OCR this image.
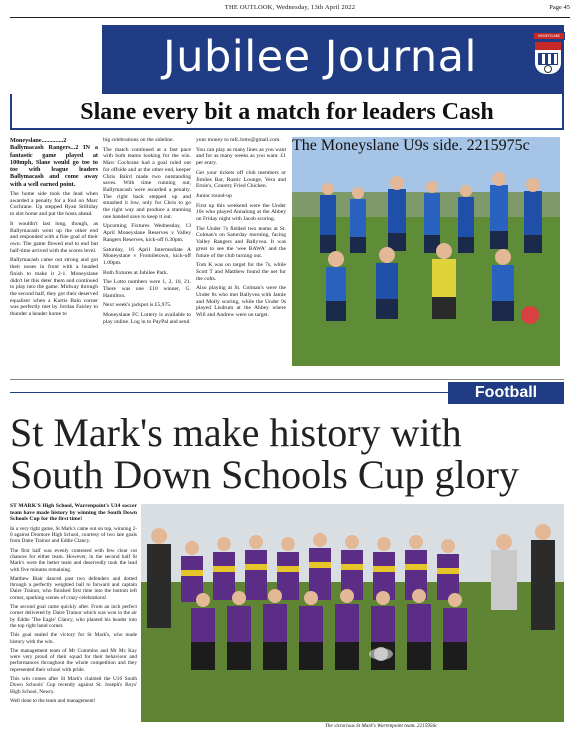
THE OUTLOOK, Wednesday, 13th April 2022	Page 45
Jubilee Journal	MONEYSLANE
Slane every bit a match for leaders Cash

Moneyslane..............2 Ballymacash Rangers...2 IN a fantastic game played at 100mph, Slane would go toe to toe with league leaders Ballymacash and come away with a well earned point.

The home side took the lead when awarded a penalty for a foul on Marc Cochrane. Up stepped Ryan Stilliday to slot home and put the hosts ahead.

It wouldn't last long, though, as Ballymacash went up the other end and responded with a fine goal of their own. The game flowed end to end but half-time arrived with the scores level.

Ballymacash came out strong and got their noses in front with a headed finish to make it 2-1. Moneyslane didn't let this deter them and continued to play into the game. Midway through the second half, they got their deserved equaliser when a Kurtis Bain corner was perfectly met by Jordan Fairley to thunder a header home to

big celebrations on the sideline.

The match continued at a fast pace with both teams looking for the win. Marc Cochrane had a goal ruled out for offside and at the other end, keeper Chris Baird made two outstanding saves. With time running out, Ballymacash were awarded a penalty. The right back stepped up and smashed it low, only for Chris to go the right way and produce a stunning one handed save to keep it out.

Upcoming Fixtures Wednesday, 13 April Moneyslane Reserves v Valley Rangers Reserves, kick-off 6.30pm.

Saturday, 16 April Intermediate A Moneyslane v Fromiletown, kick-off 1.00pm.

Both fixtures at Jubilee Park.

The Lotto numbers were 1, 2, 10, 21. There was one £10 winner, G. Hamilton.

Next week's jackpot is £5,975.

Moneyslane FC Lottery is available to play online. Log in to PayPal and send

your money to mfc.lotto@gmail.com.

You can play as many lines as you want and for as many weeks as you want. £1 per entry.

Get your tickets off club members or Jimiles Bar, Rustic Lounge, Vera and Ernie's, Country Fried Chicken.

Junior round-up

First up this weekend were the Under 10s who played Annalong at the Abbey on Friday night with Jacob scoring.

The Under 7s fielded two teams at St. Colman's on Saturday morning, facing Valley Rangers and Ballyvea. It was great to see the 'wee BAWA' and the future of the club turning out.

Tom K was on target for the 7s, while Scott T and Matthew found the net for the colts.

Also playing at St. Colman's were the Under 8s who met Ballyvea with Jamie and Molly scoring, while the Under 9s played Lisdrum at the Abbey where Will and Andrew were on target.

The Moneyslane U9s side. 2215975c
Football
St Mark's make history with
South Down Schools Cup glory

ST MARK'S High School, Warrenpoint's U14 soccer team have made history by winning the South Down Schools Cup for the first time!

In a very tight game, St Mark's came out on top, winning 2-0 against Dromore High School, courtesy of two late goals from Daire Trainor and Eddie Clancy.

The first half was evenly contested with few clear cut chances for either team. However, in the second half St Mark's were the better team and deservedly took the lead with five minutes remaining.

Matthew Blair danced past two defenders and dotted through a perfectly weighted ball to forward and captain Daire Trainor, who finished first time into the bottom left corner, sparking scenes of crazy celebrations!

The second goal came quickly after. From an inch perfect corner delivered by Daire Trainor which was won in the air by Eddie 'The Eagle' Clancy, who planted his header into the top right hand corner.

This goal sealed the victory for St Mark's, who made history with the win.

The management team of Mr Cummins and Mr Mc Kay were very proud of their squad for their behaviour and performances throughout the whole competition and they represented their school with pride.

This win comes after St Mark's claimed the U16 South Down Schools' Cup recently against St. Joseph's Boys' High School, Newry.

Well done to the team and management!

The victorious St Mark's Warrenpoint team. 2215956c
